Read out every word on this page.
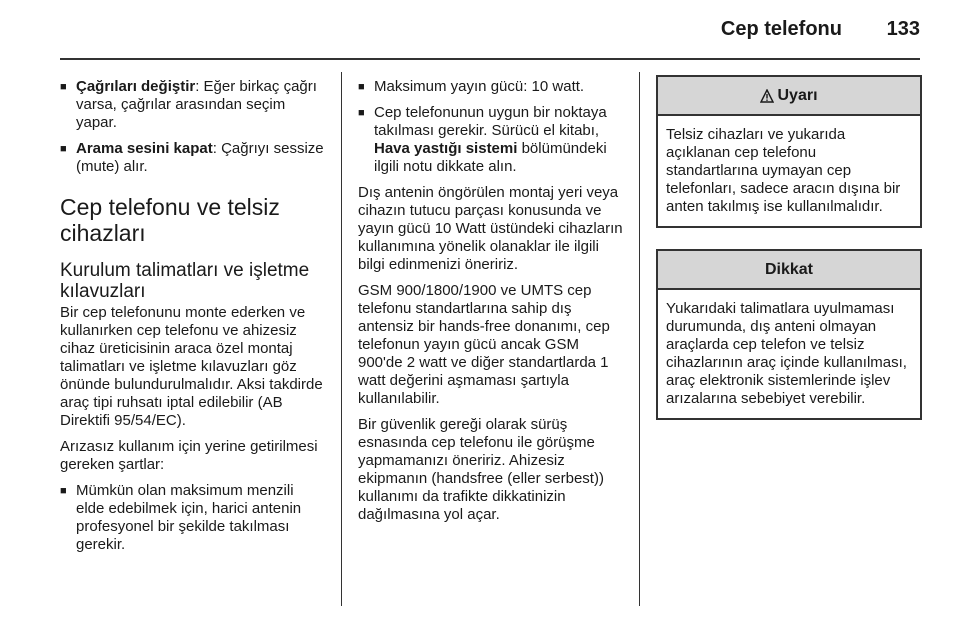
Cep telefonu 133
■ Çağrıları değiştir: Eğer birkaç çağrı varsa, çağrılar arasından seçim yapar.
■ Arama sesini kapat: Çağrıyı sessize (mute) alır.
Cep telefonu ve telsiz cihazları
Kurulum talimatları ve işletme kılavuzları

Bir cep telefonunu monte ederken ve kullanırken cep telefonu ve ahizesiz cihaz üreticisinin araca özel montaj talimatları ve işletme kılavuzları göz önünde bulundurulmalıdır. Aksi takdirde araç tipi ruhsatı iptal edilebilir (AB Direktifi 95/54/EC).

Arızasız kullanım için yerine getirilmesi gereken şartlar:

■ Mümkün olan maksimum menzili elde edebilmek için, harici antenin profesyonel bir şekilde takılması gerekir.
■ Maksimum yayın gücü: 10 watt.
■ Cep telefonunun uygun bir noktaya takılması gerekir. Sürücü el kitabı, Hava yastığı sistemi bölümündeki ilgili notu dikkate alın.

Dış antenin öngörülen montaj yeri veya cihazın tutucu parçası konusunda ve yayın gücü 10 Watt üstündeki cihazların kullanımına yönelik olanaklar ile ilgili bilgi edinmenizi öneririz.

GSM 900/1800/1900 ve UMTS cep telefonu standartlarına sahip dış antensiz bir hands-free donanımı, cep telefonun yayın gücü ancak GSM 900'de 2 watt ve diğer standartlarda 1 watt değerini aşmaması şartıyla kullanılabilir.

Bir güvenlik gereği olarak sürüş esnasında cep telefonu ile görüşme yapmamanızı öneririz. Ahizesiz ekipmanın (handsfree (eller serbest)) kullanımı da trafikte dikkatinizin dağılmasına yol açar.

Uyarı
Telsiz cihazları ve yukarıda açıklanan cep telefonu standartlarına uymayan cep telefonları, sadece aracın dışına bir anten takılmış ise kullanılmalıdır.
Dikkat
Yukarıdaki talimatlara uyulmaması durumunda, dış anteni olmayan araçlarda cep telefon ve telsiz cihazlarının araç içinde kullanılması, araç elektronik sistemlerinde işlev arızalarına sebebiyet verebilir.
